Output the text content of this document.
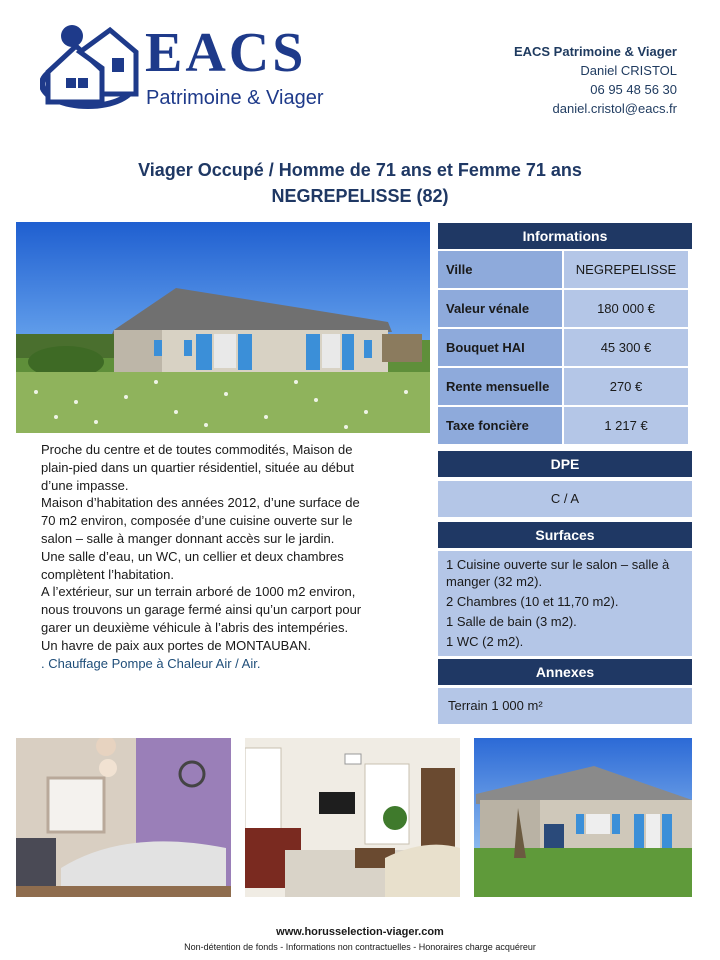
EACS
Patrimoine & Viager
EACS Patrimoine & Viager
Daniel CRISTOL
06 95 48 56 30
daniel.cristol@eacs.fr
Viager Occupé / Homme de 71 ans et Femme 71 ans
NEGREPELISSE (82)

Proche du centre et de toutes commodités, Maison de plain-pied dans un quartier résidentiel, située au début d’une impasse.

Maison d’habitation des années 2012, d’une surface de 70 m2 environ, composée d’une cuisine ouverte sur le salon – salle à manger donnant accès sur le jardin.

Une salle d’eau, un WC, un cellier et deux chambres complètent l’habitation.

A l’extérieur, sur un terrain arboré de 1000 m2 environ, nous trouvons un garage fermé ainsi qu’un carport pour garer un deuxième véhicule à l’abris des intempéries.

Un havre de paix aux portes de MONTAUBAN.

. Chauffage Pompe à Chaleur Air / Air.

Informations
Ville	NEGREPELISSE
Valeur vénale	180 000 €
Bouquet HAI	45 300 €
Rente mensuelle	270 €
Taxe foncière	1 217 €
DPE
C / A
Surfaces
1 Cuisine ouverte sur le salon – salle à manger (32 m2).
2 Chambres (10 et 11,70 m2).
1 Salle de bain (3 m2).
1 WC (2 m2).
Annexes
Terrain 1 000 m²
www.horusselection-viager.com
Non-détention de fonds - Informations non contractuelles - Honoraires charge acquéreur
